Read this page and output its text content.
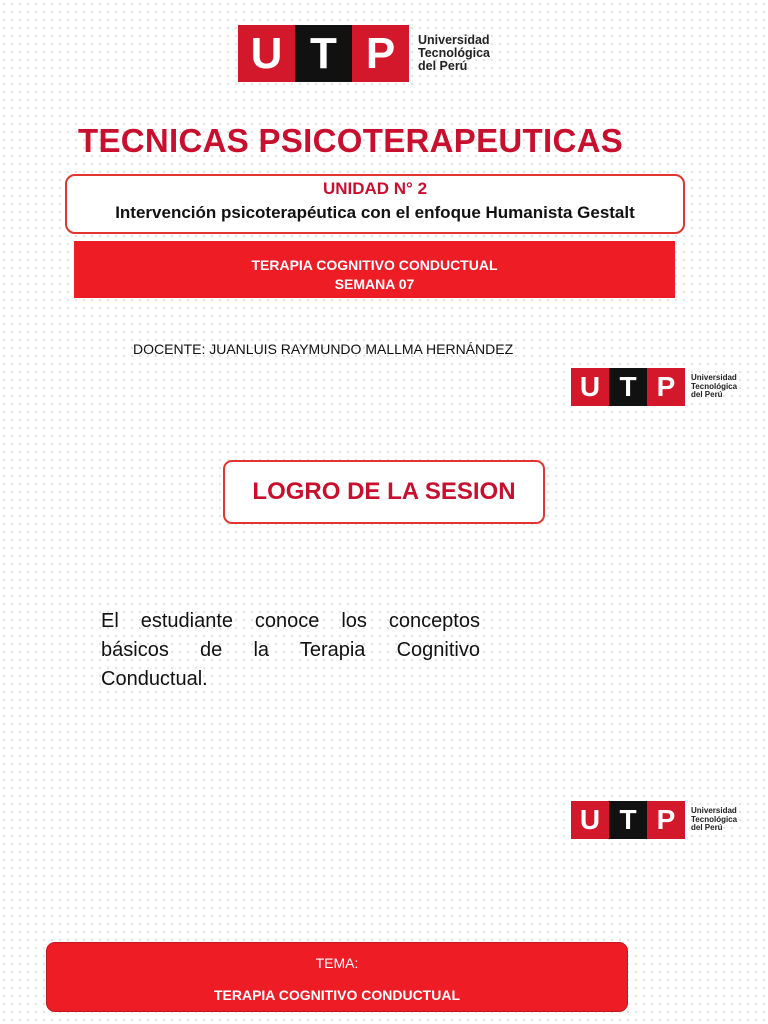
U T P	Universidad
Tecnológica
del Perú
TECNICAS PSICOTERAPEUTICAS
UNIDAD N° 2
Intervención psicoterapéutica con el enfoque Humanista Gestalt
TERAPIA COGNITIVO CONDUCTUAL
SEMANA 07
DOCENTE: JUANLUIS RAYMUNDO MALLMA HERNÁNDEZ
U T P	Universidad
Tecnológica
del Perú
LOGRO DE LA SESION
El estudiante conoce los conceptos básicos de la Terapia Cognitivo Conductual.
U T P	Universidad
Tecnológica
del Perú
TEMA:
TERAPIA COGNITIVO CONDUCTUAL
